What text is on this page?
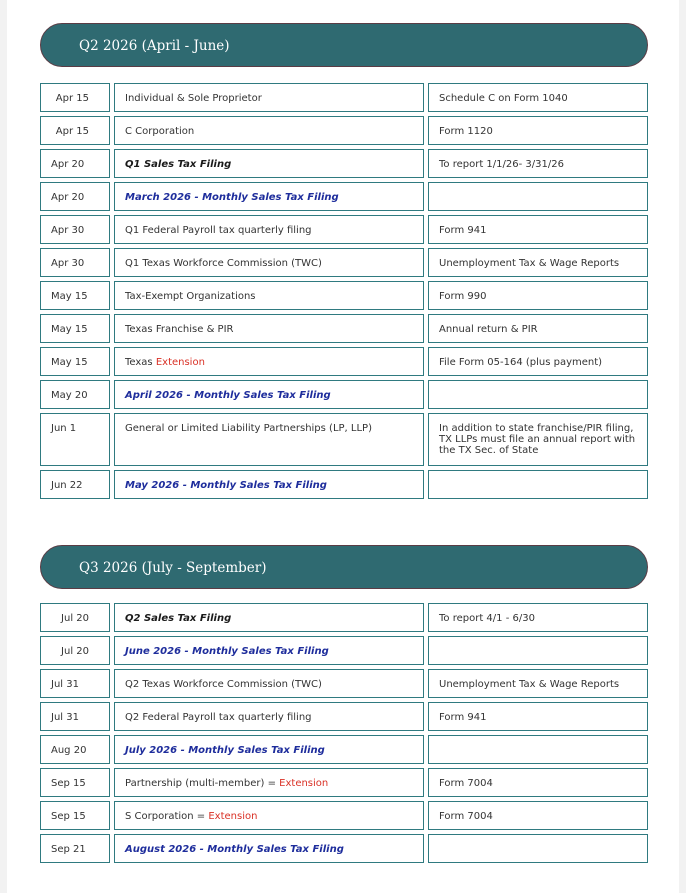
Q2 2026 (April - June)
Apr 15		Individual & Sole Proprietor		Schedule C on Form 1040

Apr 15		C Corporation		Form 1120

Apr 20		Q1 Sales Tax Filing		To report 1/1/26- 3/31/26

Apr 20		March 2026 - Monthly Sales Tax Filing		

Apr 30		Q1 Federal Payroll tax quarterly filing		Form 941

Apr 30		Q1 Texas Workforce Commission (TWC)		Unemployment Tax & Wage Reports

May 15		Tax-Exempt Organizations		Form 990

May 15		Texas Franchise & PIR		Annual return & PIR

May 15		Texas Extension		File Form 05-164 (plus payment)

May 20		April 2026 - Monthly Sales Tax Filing		

Jun 1		General or Limited Liability Partnerships (LP, LLP)		In addition to state franchise/PIR filing, TX LLPs must file an annual report with the TX Sec. of State

Jun 22		May 2026 - Monthly Sales Tax Filing		

Q3 2026 (July - September)
Jul 20		Q2 Sales Tax Filing		To report 4/1 - 6/30

Jul 20		June 2026 - Monthly Sales Tax Filing		

Jul 31		Q2 Texas Workforce Commission (TWC)		Unemployment Tax & Wage Reports

Jul 31		Q2 Federal Payroll tax quarterly filing		Form 941

Aug 20		July 2026 - Monthly Sales Tax Filing		

Sep 15		Partnership (multi-member) = Extension		Form 7004

Sep 15		S Corporation = Extension		Form 7004

Sep 21		August 2026 - Monthly Sales Tax Filing		
